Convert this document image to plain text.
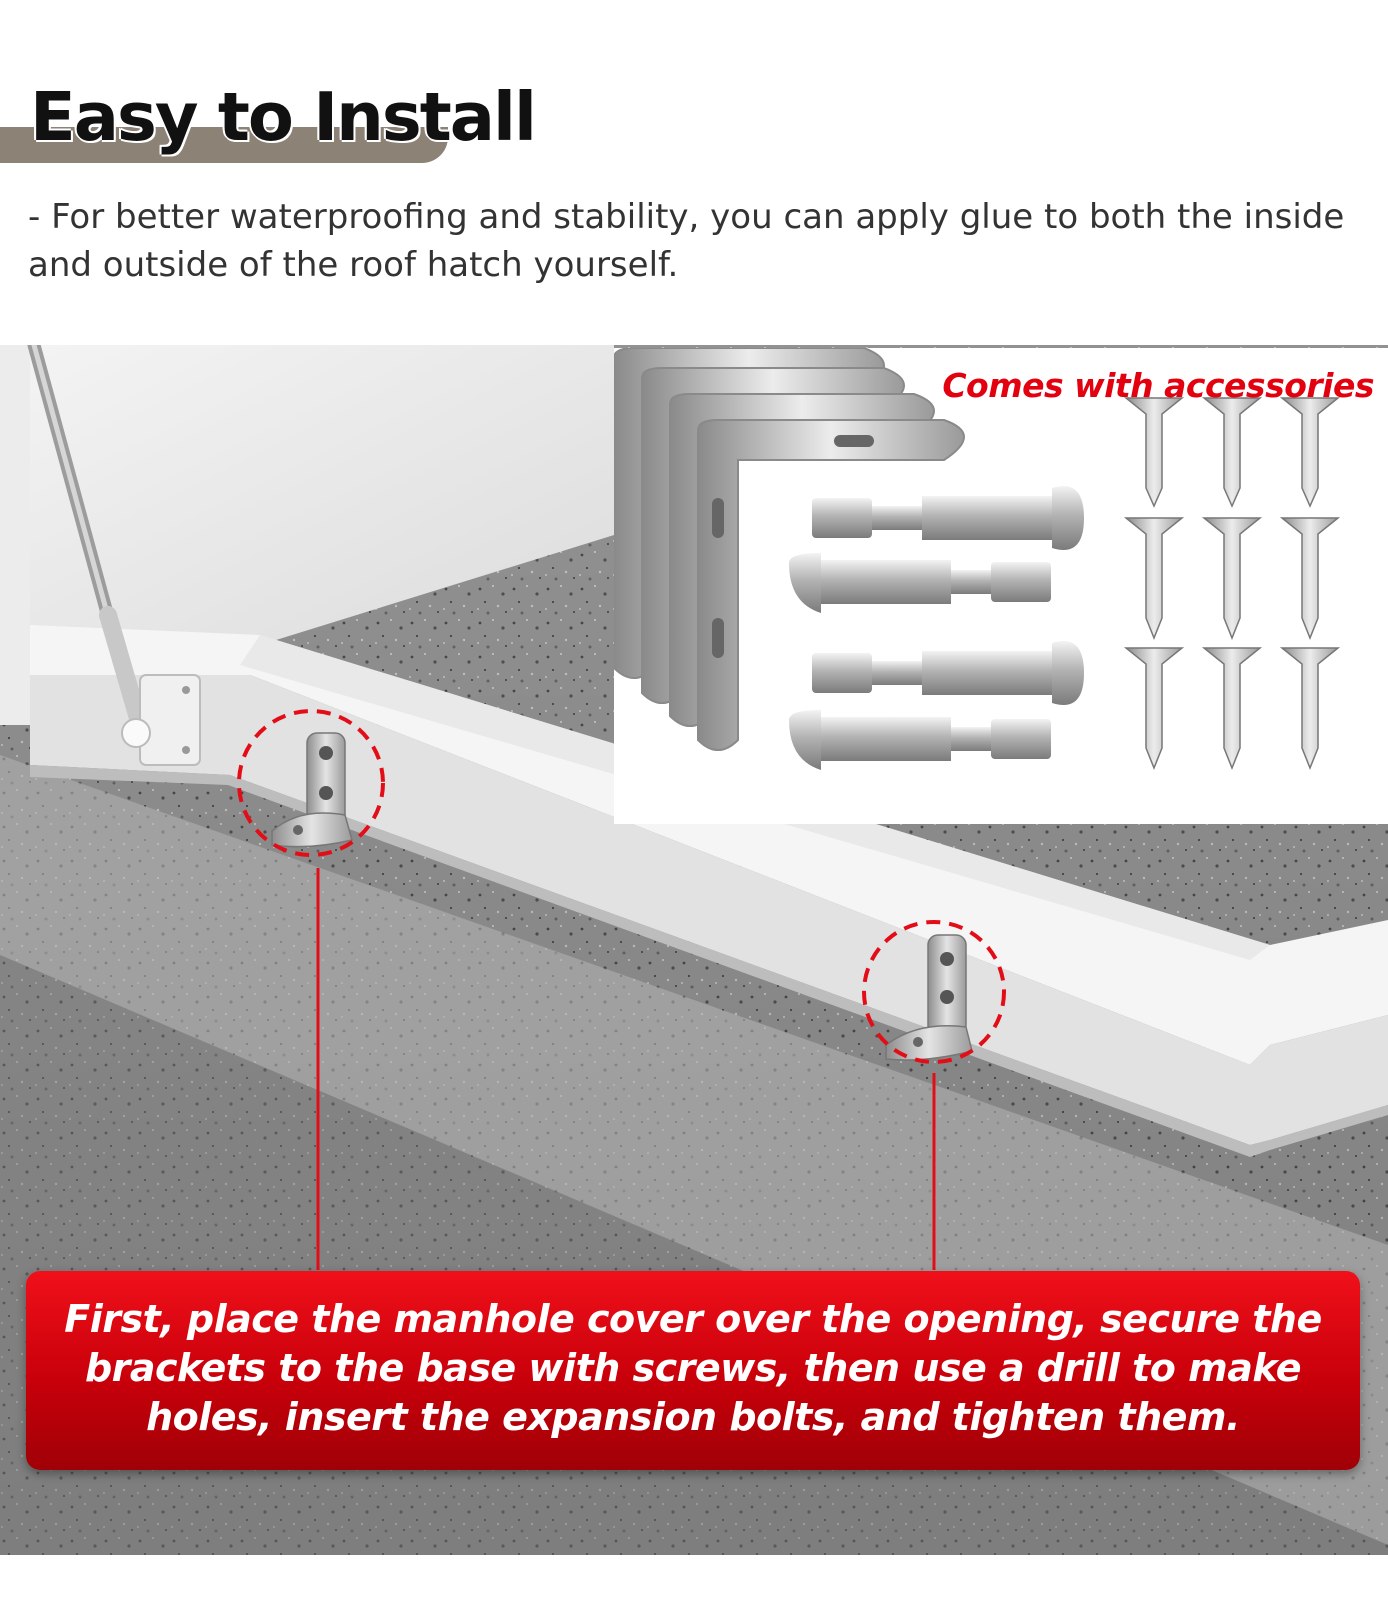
Easy to Install

- For better waterproofing and stability, you can apply glue to both the inside and outside of the roof hatch yourself.

Comes with accessories

First, place the manhole cover over the opening, secure the brackets to the base with screws, then use a drill to make holes, insert the expansion bolts, and tighten them.
